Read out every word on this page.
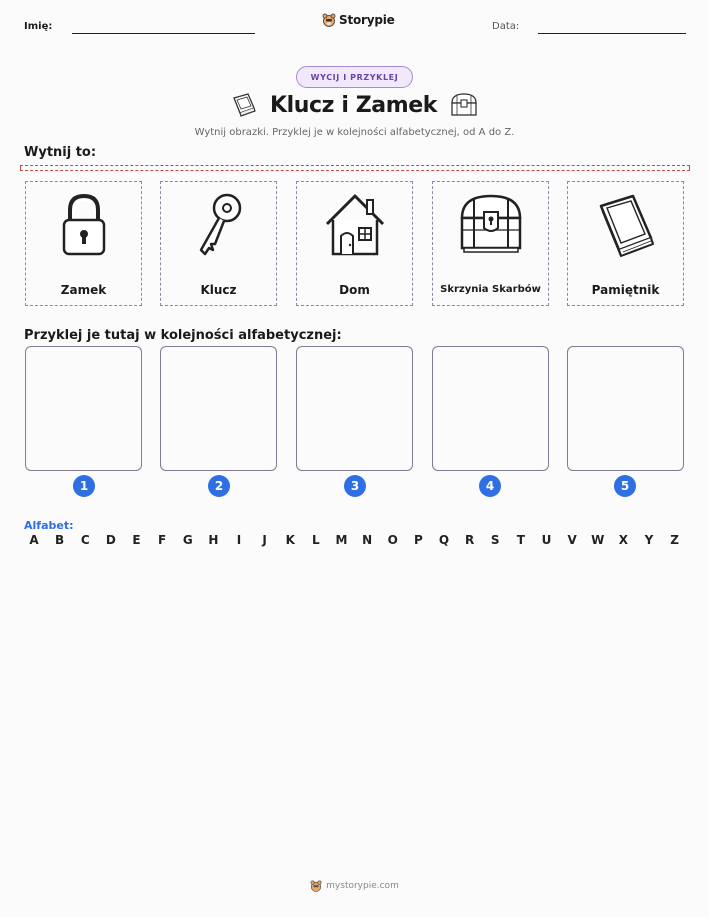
Imię:	Storypie	Data:
WYCIJ I PRZYKLEJ
Klucz i Zamek
Wytnij obrazki. Przyklej je w kolejności alfabetycznej, od A do Z.
Wytnij to:
Zamek	Klucz	Dom	Skrzynia Skarbów	Pamiętnik
Przyklej je tutaj w kolejności alfabetycznej:
1	2	3	4	5
Alfabet:
A	B	C	D	E	F	G	H	I	J	K	L	M	N	O	P	Q	R	S	T	U	V	W	X	Y	Z
mystorypie.com
